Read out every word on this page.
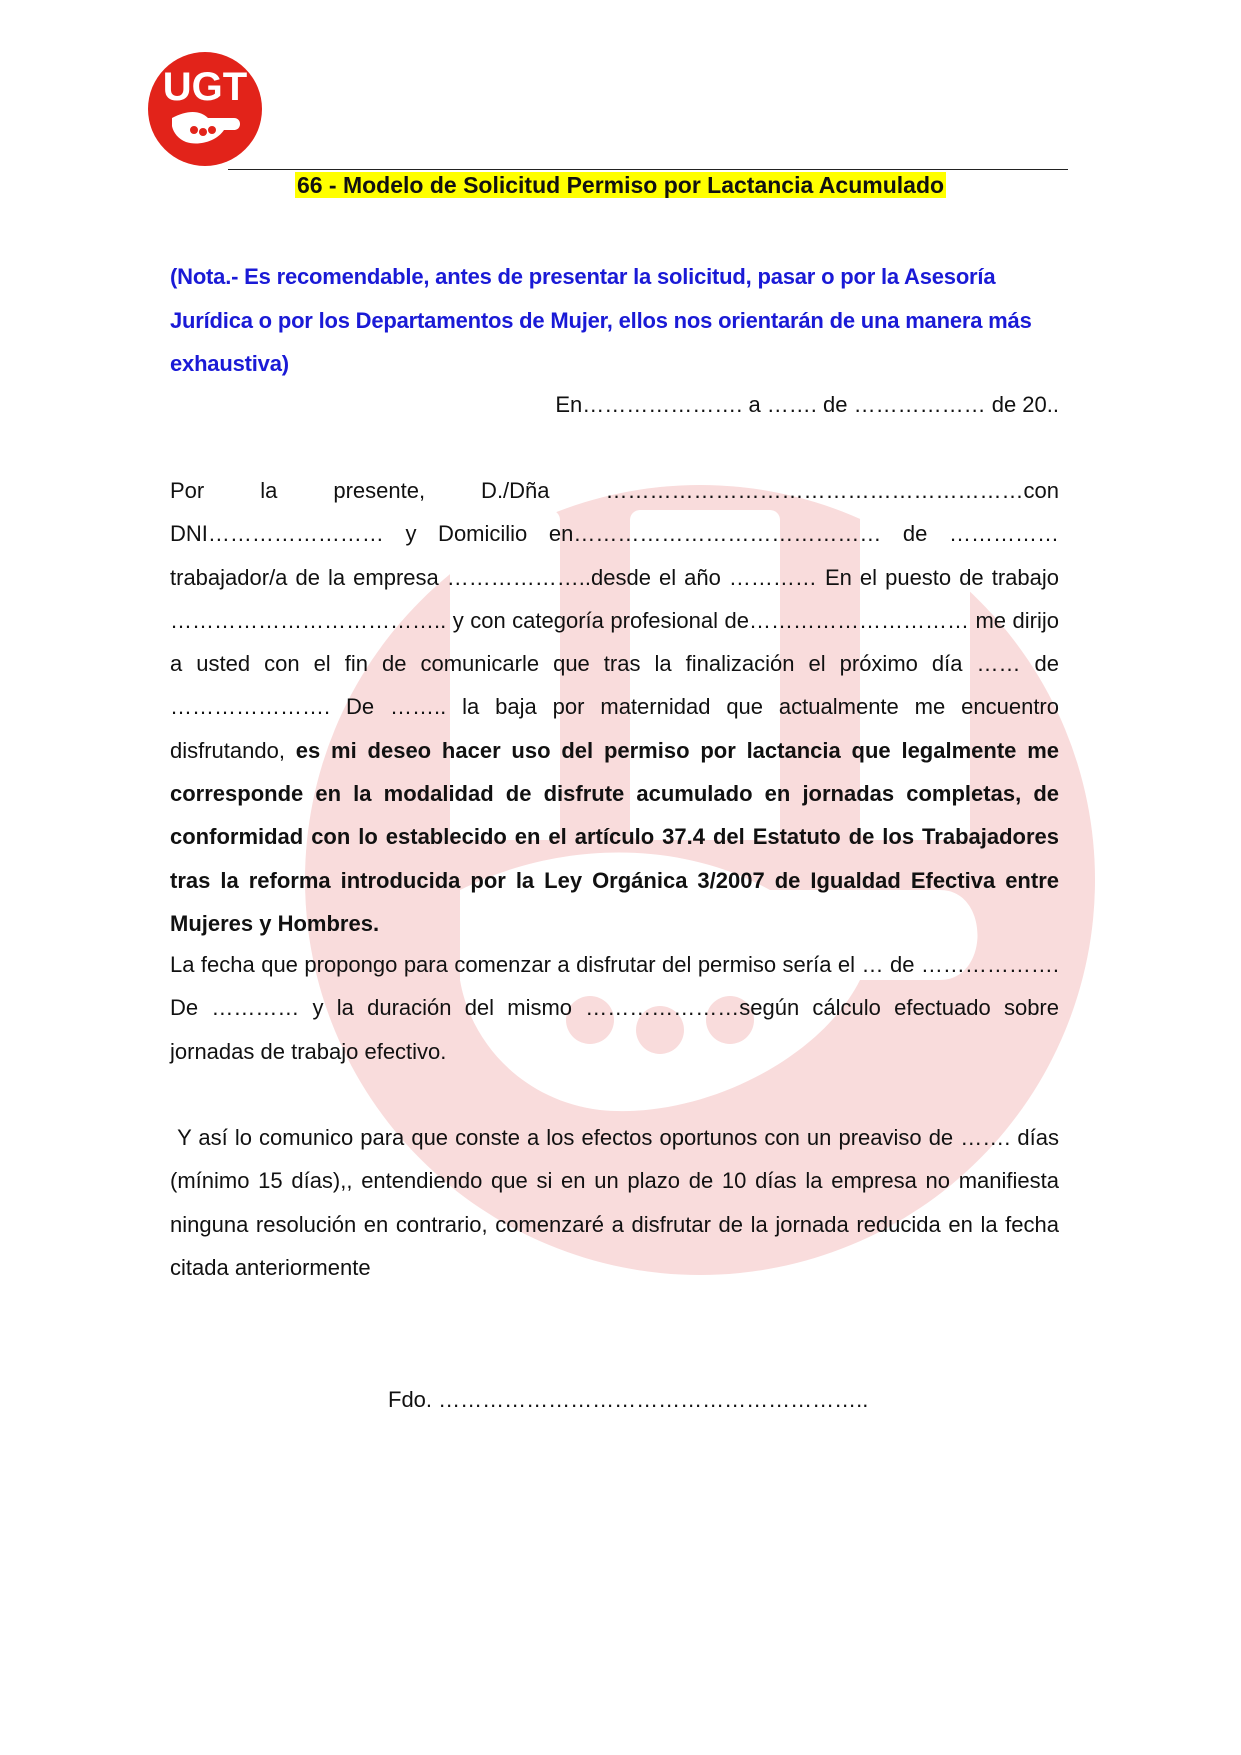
UGT
66 - Modelo de Solicitud Permiso por Lactancia Acumulado
(Nota.- Es recomendable, antes de presentar la solicitud, pasar o por la Asesoría Jurídica o por los Departamentos de Mujer, ellos nos orientarán de una manera más exhaustiva)
En…………………. a ……. de ……………… de 20..
Por la presente, D./Dña …………………………………………………con DNI…………………… y Domicilio en…………………………………… de …………… trabajador/a de la empresa ………………..desde el año ………… En el puesto de trabajo ……………………………….. y con categoría profesional de………………………… me dirijo a usted con el fin de comunicarle que tras la finalización el próximo día …… de …………………. De …….. la baja por maternidad que actualmente me encuentro disfrutando, es mi deseo hacer uso del permiso por lactancia que legalmente me corresponde en la modalidad de disfrute acumulado en jornadas completas, de conformidad con lo establecido en el artículo 37.4 del Estatuto de los Trabajadores tras la reforma introducida por la Ley Orgánica 3/2007 de Igualdad Efectiva entre Mujeres y Hombres.
La fecha que propongo para comenzar a disfrutar del permiso sería el … de ………………. De ………… y la duración del mismo …………………según cálculo efectuado sobre jornadas de trabajo efectivo.
Y así lo comunico para que conste a los efectos oportunos con un preaviso de ……. días (mínimo 15 días),, entendiendo que si en un plazo de 10 días la empresa no manifiesta ninguna resolución en contrario, comenzaré a disfrutar de la jornada reducida en la fecha citada anteriormente
Fdo. …………………………………………………..
